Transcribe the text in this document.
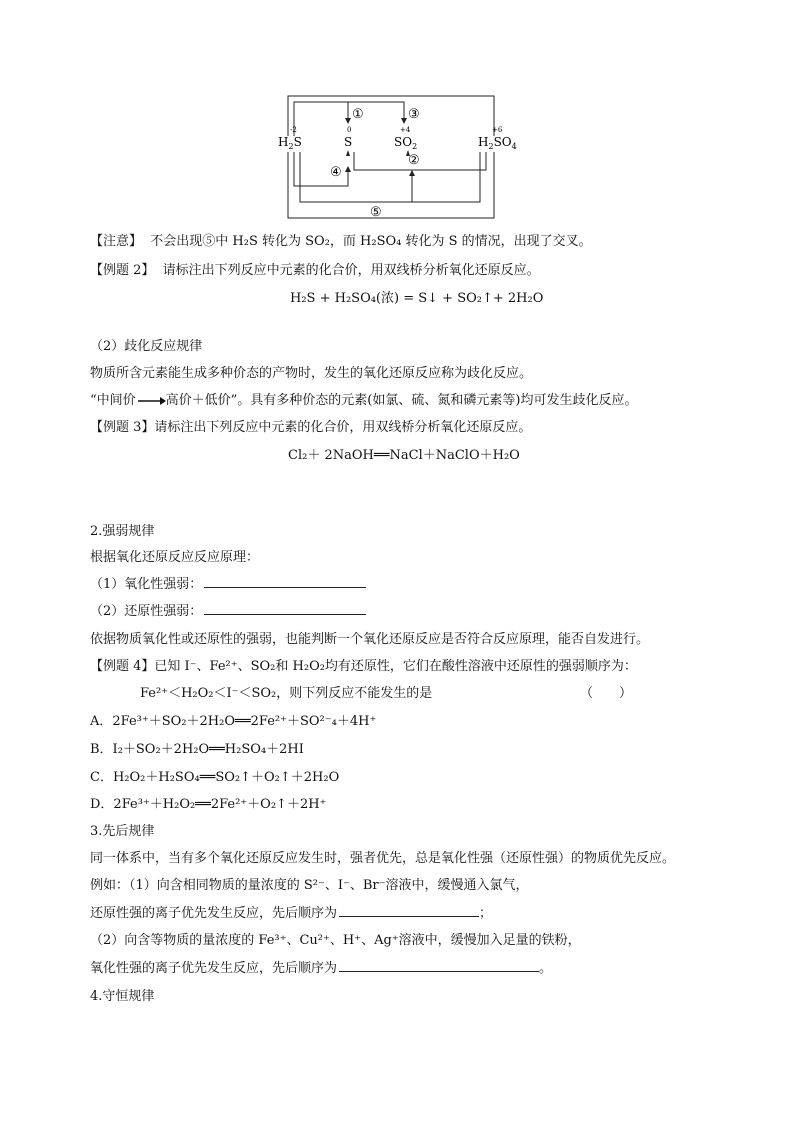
-2	0	+4	+6
$H_2S$	S	$SO_2$	$H_2SO_4$
①
②
③
④
⑤
【注意】 不会出现⑤中 H₂S 转化为 SO₂，而 H₂SO₄ 转化为 S 的情况，出现了交叉。
【例题 2】 请标注出下列反应中元素的化合价，用双线桥分析氧化还原反应。
H₂S + H₂SO₄(浓) = S↓ + SO₂↑+ 2H₂O
（2）歧化反应规律
物质所含元素能生成多种价态的产物时，发生的氧化还原反应称为歧化反应。
“中间价 高价＋低价”。具有多种价态的元素(如氯、硫、氮和磷元素等)均可发生歧化反应。
【例题 3】请标注出下列反应中元素的化合价，用双线桥分析氧化还原反应。
Cl₂＋ 2NaOH══NaCl＋NaClO＋H₂O
2.强弱规律
根据氧化还原反应反应原理：
（1）氧化性强弱：
（2）还原性强弱：
依据物质氧化性或还原性的强弱，也能判断一个氧化还原反应是否符合反应原理，能否自发进行。
【例题 4】已知 I⁻、Fe²⁺、SO₂和 H₂O₂均有还原性，它们在酸性溶液中还原性的强弱顺序为：
Fe²⁺＜H₂O₂＜I⁻＜SO₂，则下列反应不能发生的是	（　　）
A．2Fe³⁺＋SO₂＋2H₂O══2Fe²⁺＋SO²⁻₄＋4H⁺
B．I₂＋SO₂＋2H₂O══H₂SO₄＋2HI
C．H₂O₂＋H₂SO₄══SO₂↑＋O₂↑＋2H₂O
D．2Fe³⁺＋H₂O₂══2Fe²⁺＋O₂↑＋2H⁺
3.先后规律
同一体系中，当有多个氧化还原反应发生时，强者优先，总是氧化性强（还原性强）的物质优先反应。
例如：（1）向含相同物质的量浓度的 S²⁻、I⁻、Br⁻溶液中，缓慢通入氯气，
还原性强的离子优先发生反应，先后顺序为	；
（2）向含等物质的量浓度的 Fe³⁺、Cu²⁺、H⁺、Ag⁺溶液中，缓慢加入足量的铁粉，
氧化性强的离子优先发生反应，先后顺序为	。
4.守恒规律
